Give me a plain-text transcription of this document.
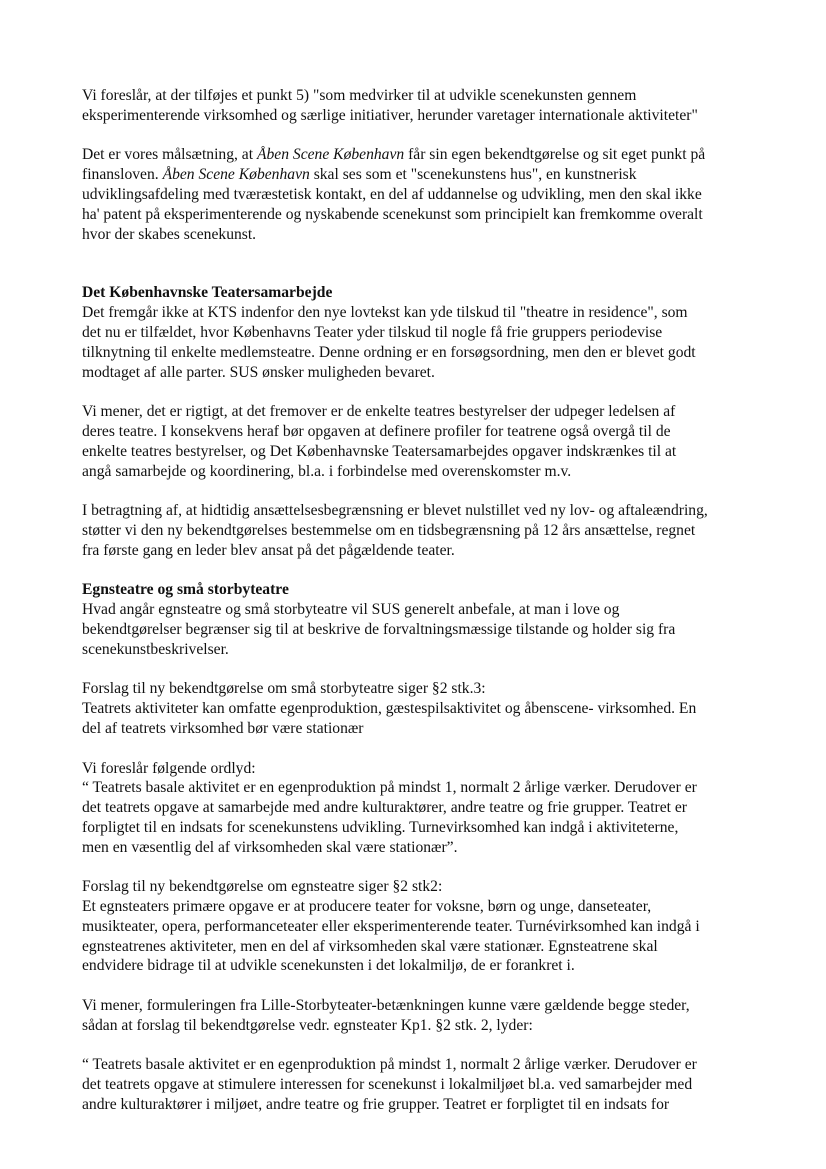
Vi foreslår, at der tilføjes et punkt 5) "som medvirker til at udvikle scenekunsten gennem
eksperimenterende virksomhed og særlige initiativer, herunder varetager internationale aktiviteter"
Det er vores målsætning, at Åben Scene København får sin egen bekendtgørelse og sit eget punkt på
finansloven. Åben Scene København skal ses som et "scenekunstens hus", en kunstnerisk
udviklingsafdeling med tværæstetisk kontakt, en del af uddannelse og udvikling, men den skal ikke
ha' patent på eksperimenterende og nyskabende scenekunst som principielt kan fremkomme overalt
hvor der skabes scenekunst.
Det Københavnske Teatersamarbejde
Det fremgår ikke at KTS indenfor den nye lovtekst kan yde tilskud til "theatre in residence", som
det nu er tilfældet, hvor Københavns Teater yder tilskud til nogle få frie gruppers periodevise
tilknytning til enkelte medlemsteatre. Denne ordning er en forsøgsordning, men den er blevet godt
modtaget af alle parter. SUS ønsker muligheden bevaret.
Vi mener, det er rigtigt, at det fremover er de enkelte teatres bestyrelser der udpeger ledelsen af
deres teatre. I konsekvens heraf bør opgaven at definere profiler for teatrene også overgå til de
enkelte teatres bestyrelser, og Det Københavnske Teatersamarbejdes opgaver indskrænkes til at
angå samarbejde og koordinering, bl.a. i forbindelse med overenskomster m.v.
I betragtning af, at hidtidig ansættelsesbegrænsning er blevet nulstillet ved ny lov- og aftaleændring,
støtter vi den ny bekendtgørelses bestemmelse om en tidsbegrænsning på 12 års ansættelse, regnet
fra første gang en leder blev ansat på det pågældende teater.
Egnsteatre og små storbyteatre
Hvad angår egnsteatre og små storbyteatre vil SUS generelt anbefale, at man i love og
bekendtgørelser begrænser sig til at beskrive de forvaltningsmæssige tilstande og holder sig fra
scenekunstbeskrivelser.
Forslag til ny bekendtgørelse om små storbyteatre siger §2 stk.3:
Teatrets aktiviteter kan omfatte egenproduktion, gæstespilsaktivitet og åbenscene- virksomhed. En
del af teatrets virksomhed bør være stationær
Vi foreslår følgende ordlyd:
“ Teatrets basale aktivitet er en egenproduktion på mindst 1, normalt 2 årlige værker. Derudover er
det teatrets opgave at samarbejde med andre kulturaktører, andre teatre og frie grupper. Teatret er
forpligtet til en indsats for scenekunstens udvikling. Turnevirksomhed kan indgå i aktiviteterne,
men en væsentlig del af virksomheden skal være stationær”.
Forslag til ny bekendtgørelse om egnsteatre siger §2 stk2:
Et egnsteaters primære opgave er at producere teater for voksne, børn og unge, danseteater,
musikteater, opera, performanceteater eller eksperimenterende teater. Turnévirksomhed kan indgå i
egnsteatrenes aktiviteter, men en del af virksomheden skal være stationær. Egnsteatrene skal
endvidere bidrage til at udvikle scenekunsten i det lokalmiljø, de er forankret i.
Vi mener, formuleringen fra Lille-Storbyteater-betænkningen kunne være gældende begge steder,
sådan at forslag til bekendtgørelse vedr. egnsteater Kp1. §2 stk. 2, lyder:
“ Teatrets basale aktivitet er en egenproduktion på mindst 1, normalt 2 årlige værker. Derudover er
det teatrets opgave at stimulere interessen for scenekunst i lokalmiljøet bl.a. ved samarbejder med
andre kulturaktører i miljøet, andre teatre og frie grupper. Teatret er forpligtet til en indsats for
